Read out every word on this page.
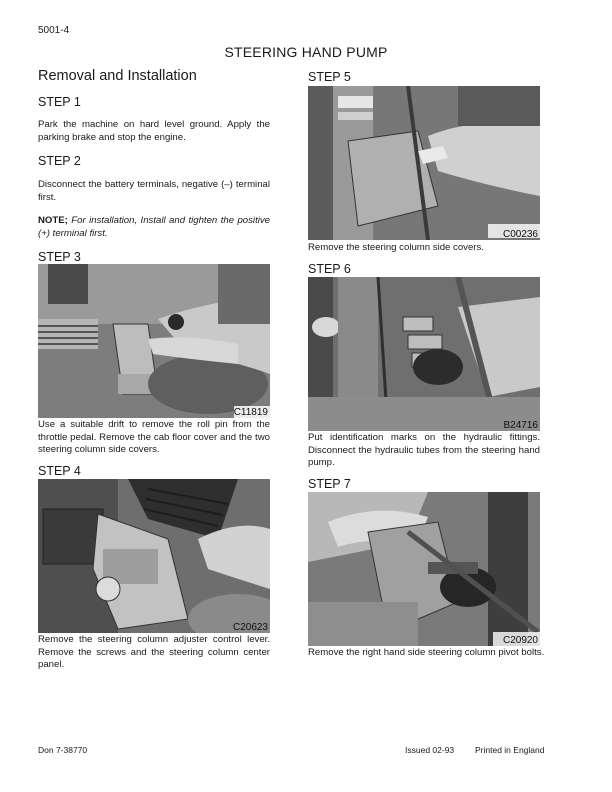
5001-4
STEERING HAND PUMP
Removal and Installation
STEP 1
Park the machine on hard level ground. Apply the parking brake and stop the engine.
STEP 2
Disconnect the battery terminals, negative (–) terminal first.
NOTE; For installation, Install and tighten the positive (+) terminal first.
STEP 3
C11819
Use a suitable drift to remove the roll pin from the throttle pedal. Remove the cab floor cover and the two steering column side covers.
STEP 4
C20623
Remove the steering column adjuster control lever. Remove the screws and the steering column center panel.
STEP 5
C00236
Remove the steering column side covers.
STEP 6
B24716
Put identification marks on the hydraulic fittings. Disconnect the hydraulic tubes from the steering hand pump.
STEP 7
C20920
Remove the right hand side steering column pivot bolts.
Don 7-38770	Issued 02-93 Printed in England
